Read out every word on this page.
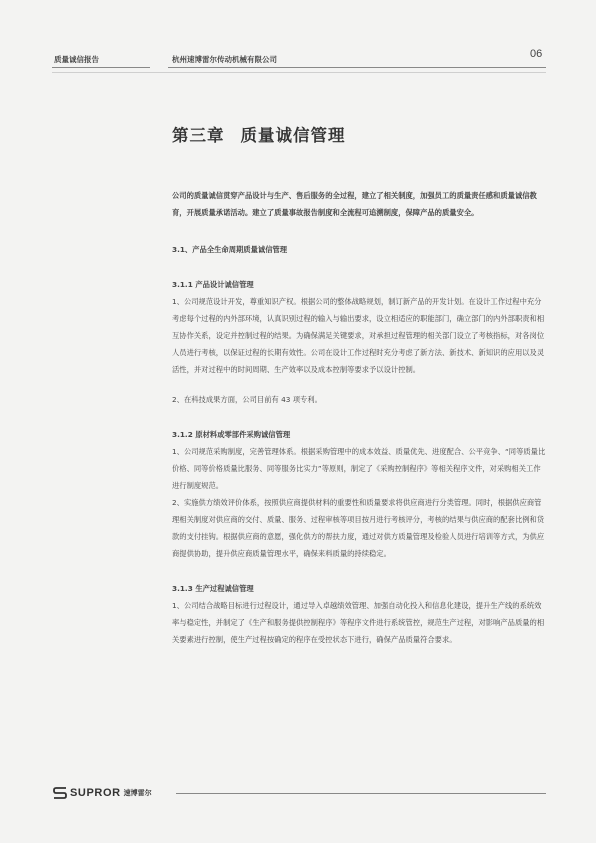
质量诚信报告	杭州速博雷尔传动机械有限公司	06
第三章 质量诚信管理

公司的质量诚信贯穿产品设计与生产、售后服务的全过程，建立了相关制度，加强员工的质量责任感和质量诚信教育，开展质量承诺活动。建立了质量事故报告制度和全流程可追溯制度，保障产品的质量安全。

3.1、产品全生命周期质量诚信管理

3.1.1 产品设计诚信管理

1、公司规范设计开发，尊重知识产权。根据公司的整体战略规划，制订新产品的开发计划。在设计工作过程中充分考虑每个过程的内外部环境，认真识别过程的输入与输出要求，设立相适应的职能部门，确立部门的内外部职责和相互协作关系，设定并控制过程的结果。为确保满足关键要求，对承担过程管理的相关部门设立了考核指标，对各岗位人员进行考核，以保证过程的长期有效性。公司在设计工作过程时充分考虑了新方法、新技术、新知识的应用以及灵活性，并对过程中的时间周期、生产效率以及成本控制等要求予以设计控制。

2、在科技成果方面，公司目前有 43 项专利。

3.1.2 原材料或零部件采购诚信管理

1、公司规范采购制度，完善管理体系。根据采购管理中的成本效益、质量优先、进度配合、公平竞争、“同等质量比价格、同等价格质量比服务、同等服务比实力”等原则，制定了《采购控制程序》等相关程序文件，对采购相关工作进行制度规范。

2、实施供方绩效评价体系，按照供应商提供材料的重要性和质量要求将供应商进行分类管理。同时，根据供应商管理相关制度对供应商的交付、质量、服务、过程审核等项目按月进行考核评分，考核的结果与供应商的配套比例和货款的支付挂钩。根据供应商的意愿，强化供方的帮扶力度，通过对供方质量管理及检验人员进行培训等方式，为供应商提供协助，提升供应商质量管理水平，确保来料质量的持续稳定。

3.1.3 生产过程诚信管理

1、公司结合战略目标进行过程设计，通过导入卓越绩效管理、加强自动化投入和信息化建设，提升生产线的系统效率与稳定性，并制定了《生产和服务提供控制程序》等程序文件进行系统管控，规范生产过程，对影响产品质量的相关要素进行控制，使生产过程按确定的程序在受控状态下进行，确保产品质量符合要求。

SUPROR 速博雷尔
